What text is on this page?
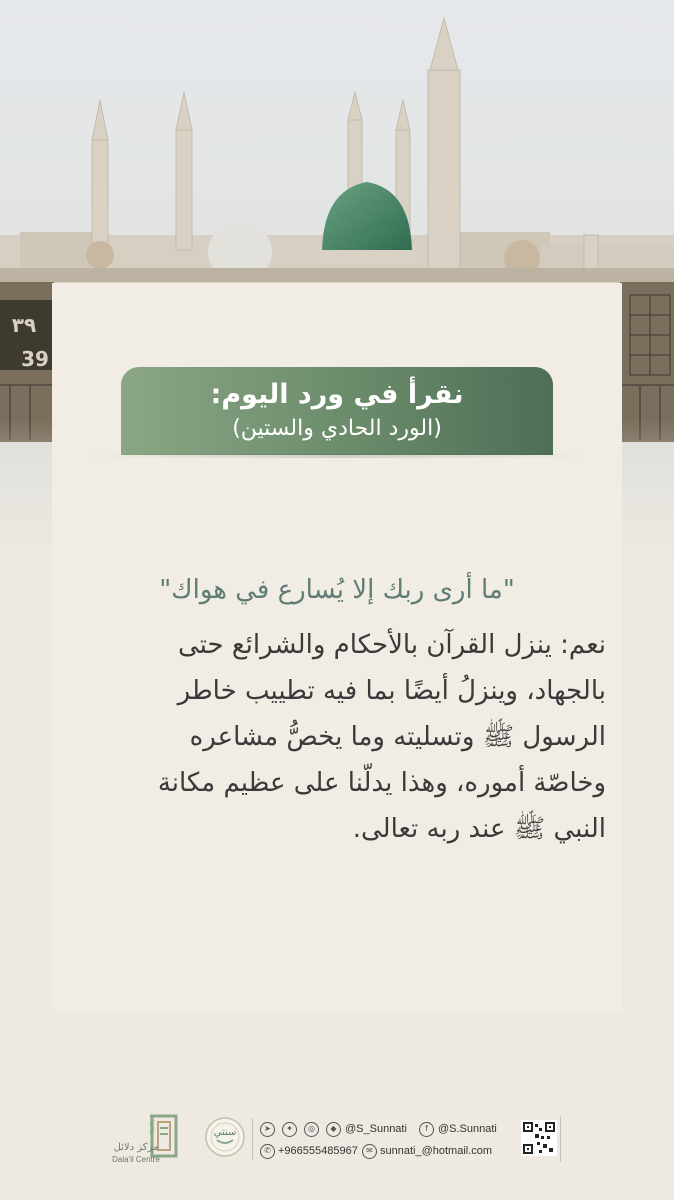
٣٩
39
نقرأ في ورد اليوم:
(الورد الحادي والستين)
"ما أرى ربك إلا يُسارع في هواك"
نعم: ينزل القرآن بالأحكام والشرائع حتى
بالجهاد، وينزلُ أيضًا بما فيه تطييب خاطر
الرسول ﷺ وتسليته وما يخصُّ مشاعره
وخاصّة أموره، وهذا يدلّنا على عظيم مكانة
النبي ﷺ عند ربه تعالى.
مركز دلائل
Dala'il Centre
DALAIL	سنتي	➤	✦	◎	◆ @S_Sunnati	f @S.Sunnati
✆ +966555485967	✉ sunnati_@hotmail.com
